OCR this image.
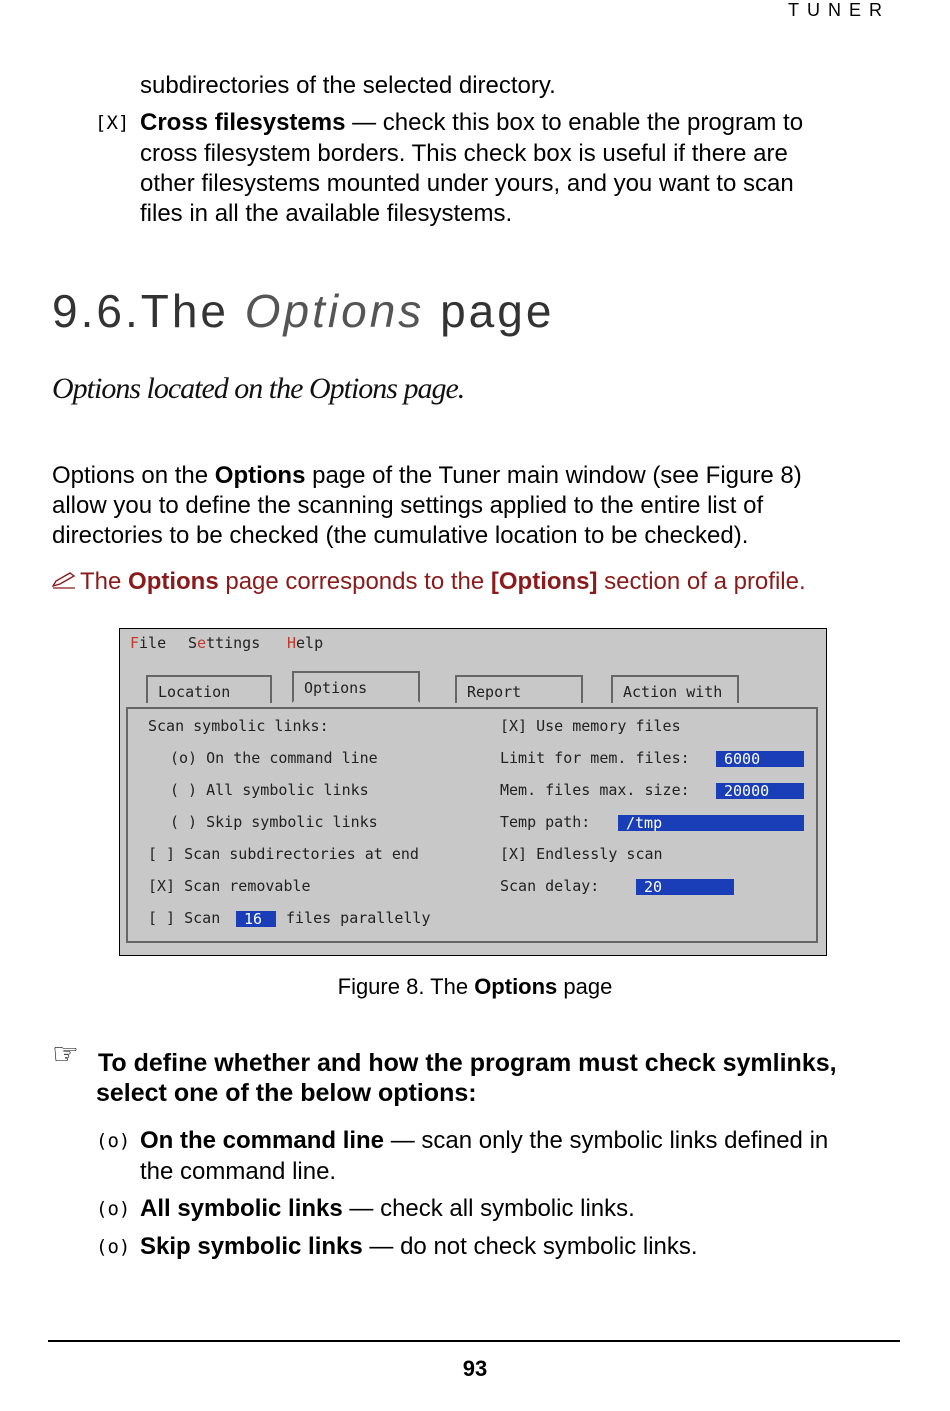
TUNER
subdirectories of the selected directory.
[X] Cross filesystems — check this box to enable the program to
cross filesystem borders. This check box is useful if there are
other filesystems mounted under yours, and you want to scan
files in all the available filesystems.
9.6.The Options page
Options located on the Options page.
Options on the Options page of the Tuner main window (see Figure 8)
allow you to define the scanning settings applied to the entire list of
directories to be checked (the cumulative location to be checked).
The Options page corresponds to the [Options] section of a profile.
File Settings Help
Location	Options	Report	Action with
Scan symbolic links:
(o) On the command line
( ) All symbolic links
( ) Skip symbolic links
[ ] Scan subdirectories at end
[X] Scan removable
[ ] Scan	16	files parallelly
[X] Use memory files
Limit for mem. files:	6000
Mem. files max. size:	20000
Temp path:	/tmp
[X] Endlessly scan
Scan delay:	20
Figure 8. The Options page
☞ To define whether and how the program must check symlinks,
select one of the below options:
(o) On the command line — scan only the symbolic links defined in
the command line.
(o) All symbolic links — check all symbolic links.
(o) Skip symbolic links — do not check symbolic links.
93
